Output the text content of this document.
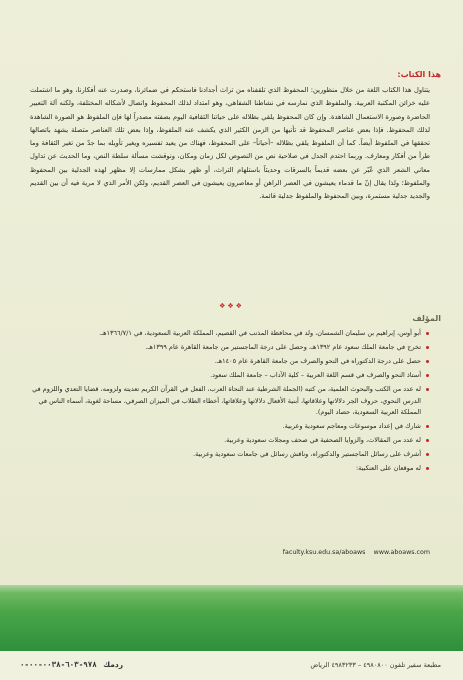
هذا الكتاب:

يتناول هذا الكتاب اللغة من خلال منظورين: المحفوظ الذي تلقفناه من تراث أجدادنا فاستحكم في ضمائرنا، وصدرت عنه أفكارنا، وهو ما اشتملت عليه خزائن المكتبة العربية. والملفوظ الذي نمارسه في نشاطنا الشفاهي، وهو امتداد لذلك المحفوظ واتصال لأشكاله المختلفة، ولكنه آلة التعبير الحاضرة وصورة الاستعمال الشاهدة. وإن كان المحفوظ يلقي بظلاله على حياتنا الثقافية اليوم بصفته مصدراً لها فإن الملفوظ هو الصورة الشاهدة لذلك المحفوظ. فإذا بعض عناصر المحفوظ قد تأتيها من الزمن الكثير الذي يكشف عنه الملفوظ، وإذا بعض تلك العناصر متصلة يشهد باتصالها تحققها في الملفوظ أيضاً. كما أن الملفوظ يلقي بظلاله –أحياناً– على المحفوظ، فهناك من يعيد تفسيره ويغير تأويله بما جدّ من تغير الثقافة وما طرأ من أفكار ومعارف. وربما احتدم الجدل في صلاحية نص من النصوص لكل زمان ومكان، ونوقشت مسألة سلطة النص، وما الحديث عن تداول معاني الشعر الذي عُبّر عن بعضه قديماً بالسرقات وحديثاً باستلهام التراث، أو ظهر بشكل ممارسات إلا مظهر لهذه الجدلية بين المحفوظ والملفوظ؛ ولذا يقال إنّ ما قدماء يعيشون في العصر الراهن أو معاصرون يعيشون في العصر القديم، ولكن الأمر الذي لا مرية فيه أن بين القديم والجديد جدلية مستمرة، وبين المحفوظ والملفوظ جدلية قائمة.

❖❖❖
المؤلف
أبو أوس، إبراهيم بن سليمان الشمسان، ولد في محافظة المذنب في القصيم، المملكة العربية السعودية، في ١٣٦٦/٧/١هـ.
تخرج في جامعة الملك سعود عام ١٣٩٢هـ، وحصل على درجة الماجستير من جامعة القاهرة عام ١٣٩٩هـ.
حصل على درجة الدكتوراه في النحو والصرف من جامعة القاهرة عام ١٤٠٥هـ.
أستاذ النحو والصرف في قسم اللغة العربية – كلية الآداب – جامعة الملك سعود.
له عدد من الكتب والبحوث العلمية، من كتبه (الجملة الشرطية عند النحاة العرب، الفعل في القرآن الكريم تعديته ولزومه، قضايا التعدي واللزوم في الدرس النحوي، حروف الجر دلالاتها وعلاقاتها، أبنية الأفعال دلالاتها وعلاقاتها، أخطاء الطلاب في الميزان الصرفي، مساحة لغوية، أسماء الناس في المملكة العربية السعودية، حصاد اليوم).
شارك في إعداد موسوعات ومعاجم سعودية وعربية.
له عدد من المقالات، والزوايا الصحفية في صحف ومجلات سعودية وعربية.
أشرف على رسائل الماجستير والدكتوراه، وناقش رسائل في جامعات سعودية وعربية.
له موقعان على العنكبية:
www.aboaws.com    faculty.ksu.edu.sa/aboaws
ردمك ٩٧٨-٦٠٣-٠٠٣٨-٠٠-٠	مطبعة سفير تلفون ٤٩٨٠٨٠٠ – ٤٩٨٣٢٣٣ الرياض
